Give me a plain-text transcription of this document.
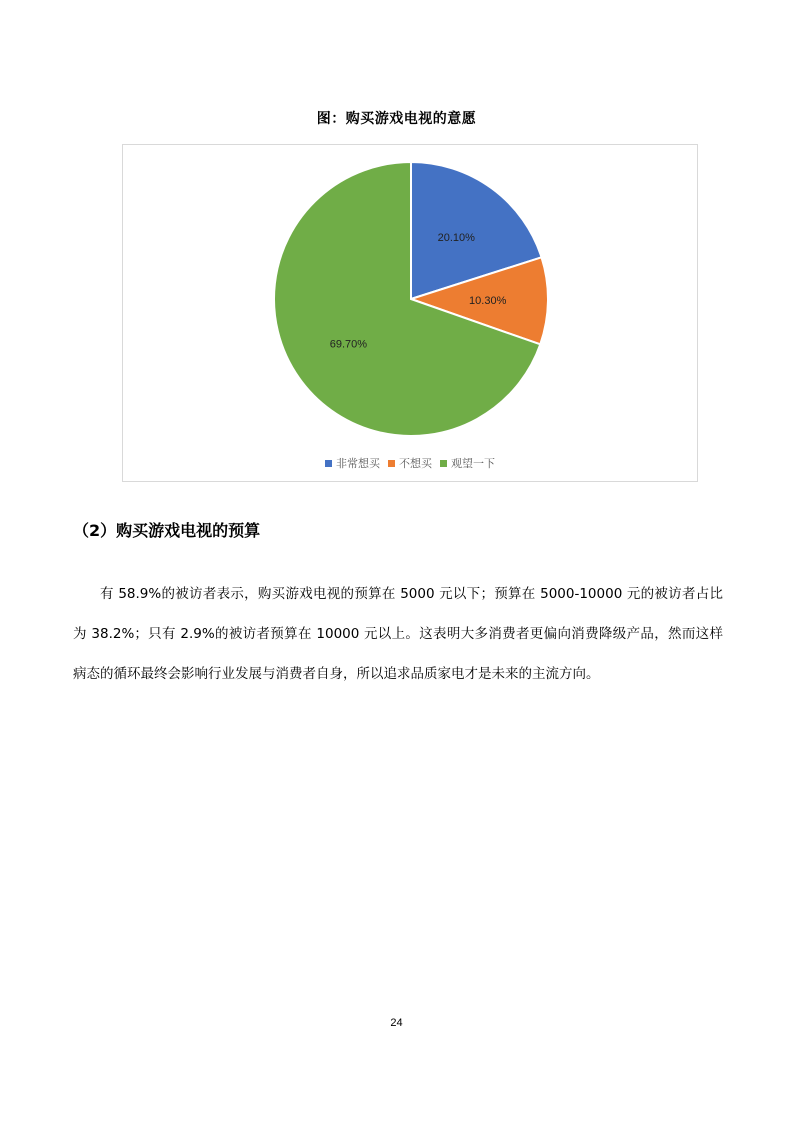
图：购买游戏电视的意愿
20.10%
10.30%
69.70%
非常想买 不想买 观望一下
（2）购买游戏电视的预算

有 58.9%的被访者表示，购买游戏电视的预算在 5000 元以下；预算在 5000-10000 元的被访者占比为 38.2%；只有 2.9%的被访者预算在 10000 元以上。这表明大多消费者更偏向消费降级产品，然而这样病态的循环最终会影响行业发展与消费者自身，所以追求品质家电才是未来的主流方向。

24
